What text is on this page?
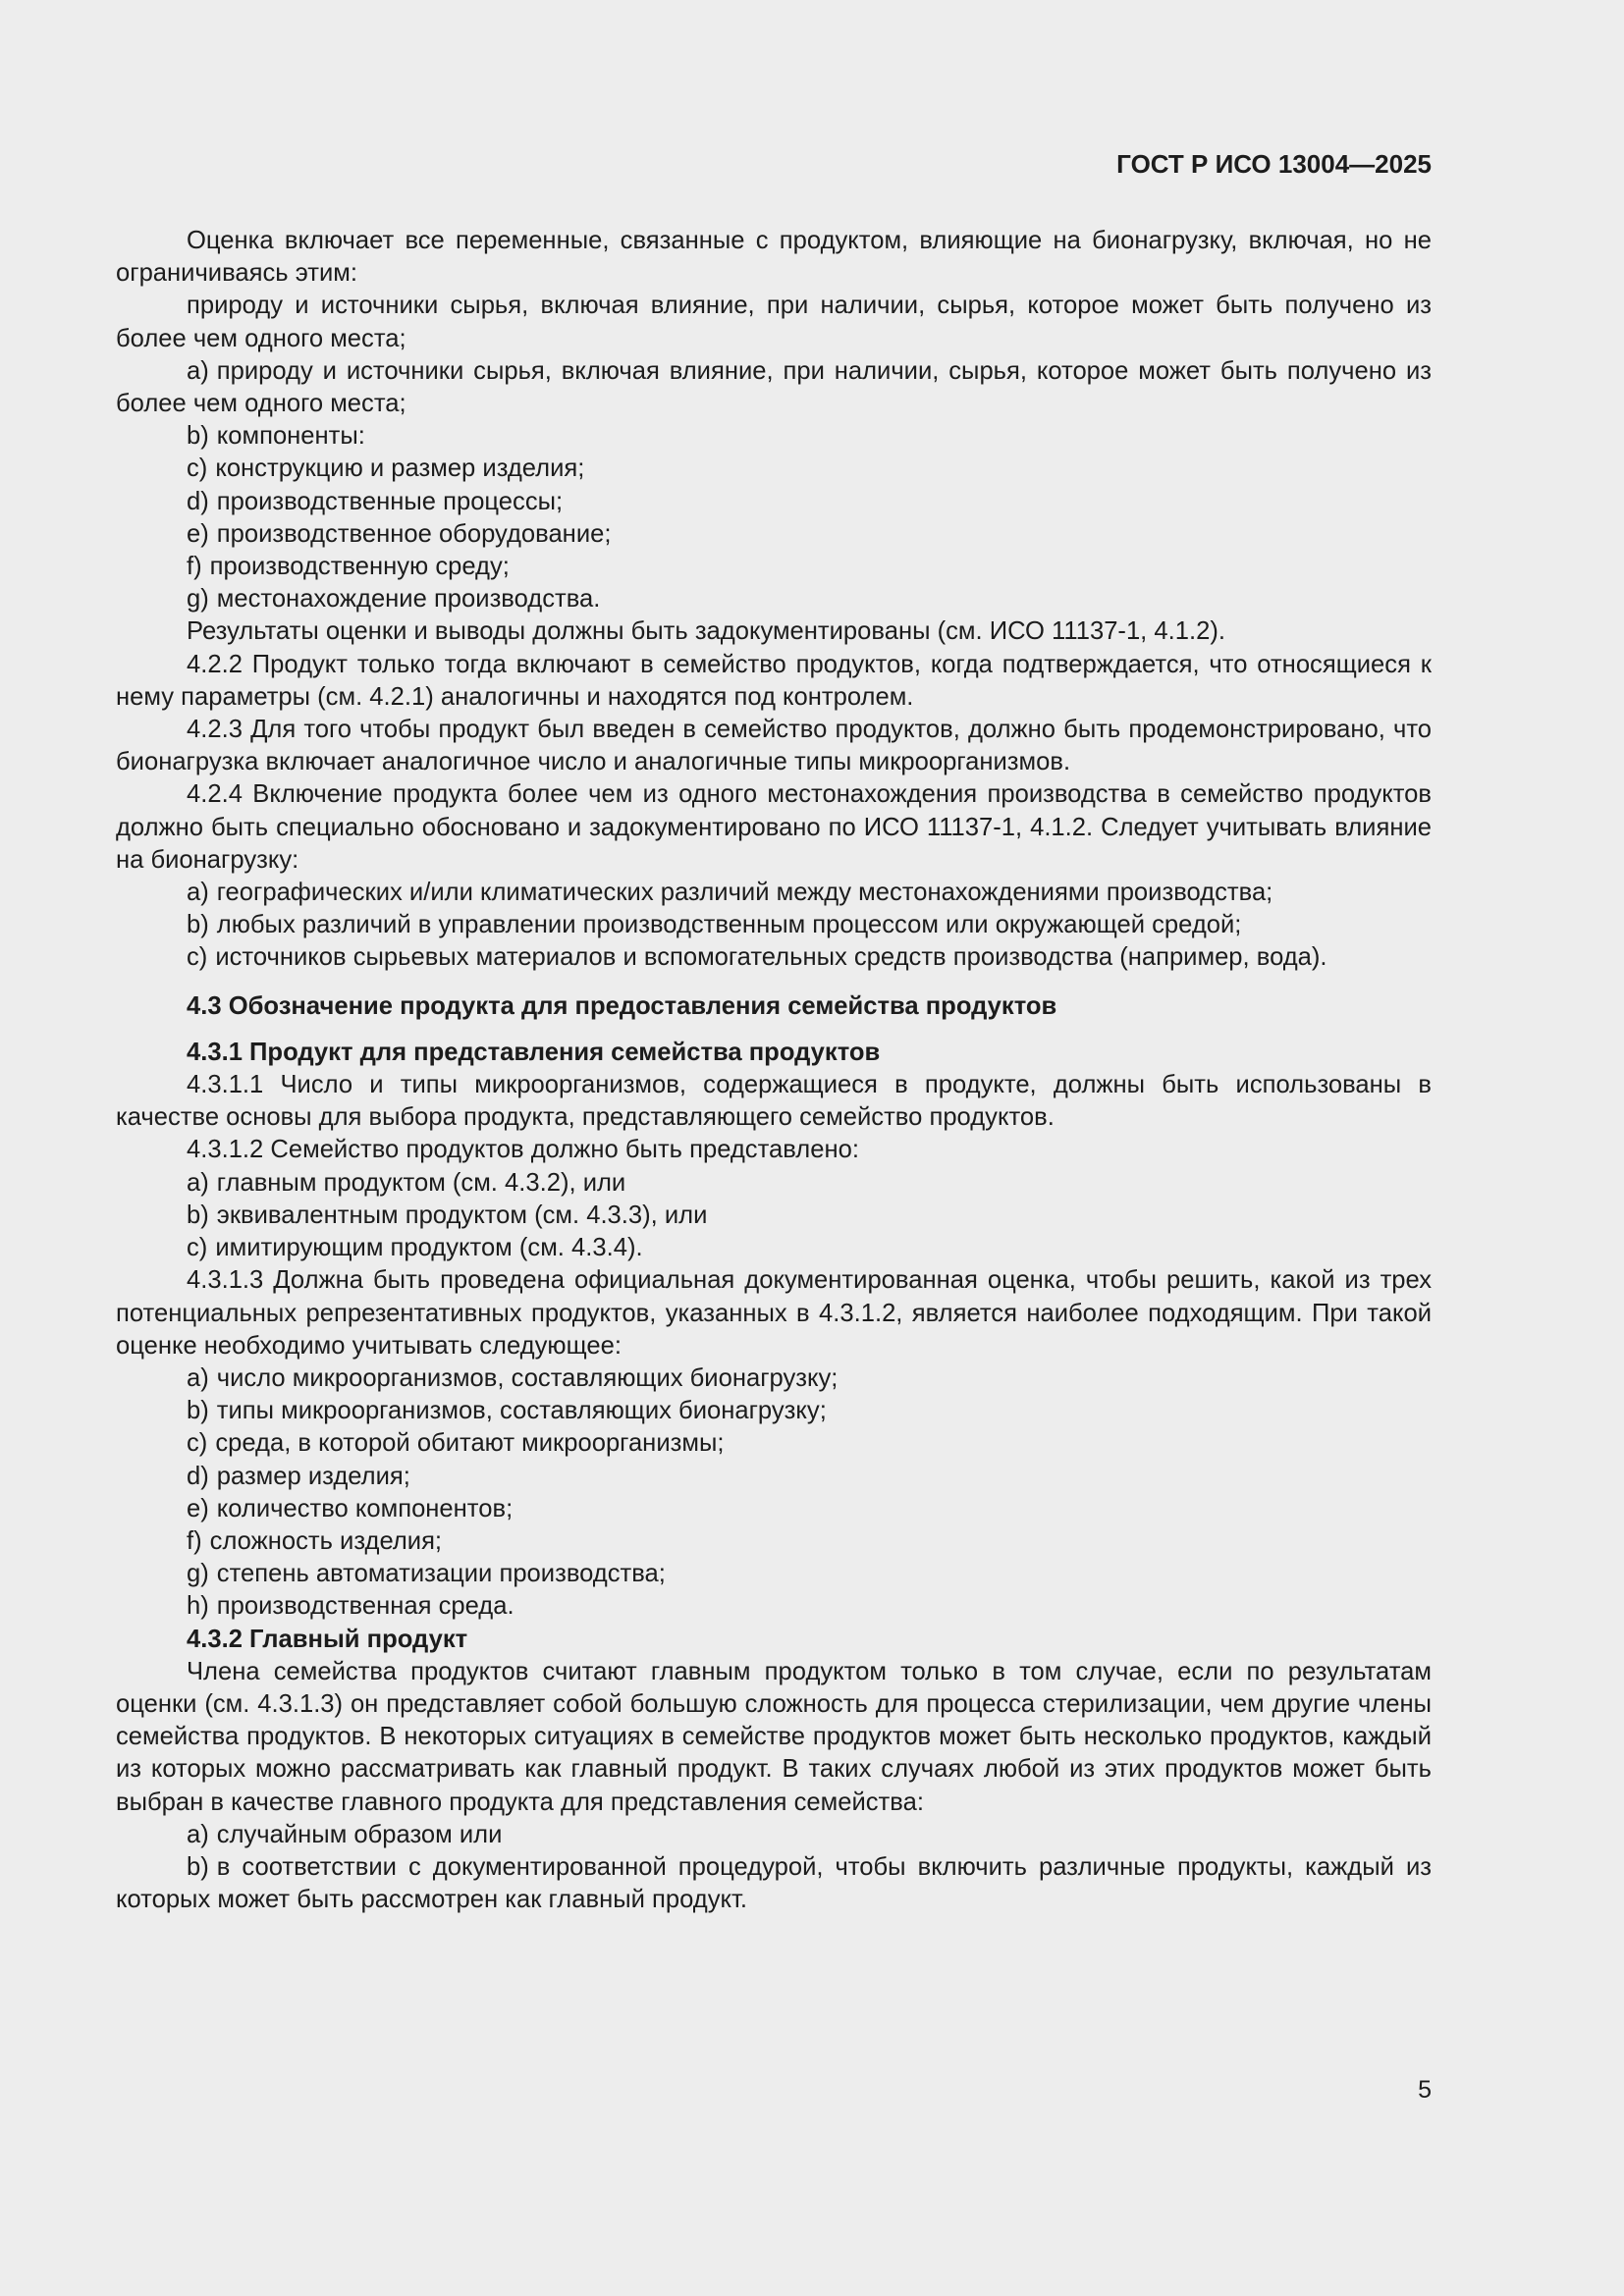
ГОСТ Р ИСО 13004—2025

Оценка включает все переменные, связанные с продуктом, влияющие на бионагрузку, включая, но не ограничиваясь этим:

природу и источники сырья, включая влияние, при наличии, сырья, которое может быть получено из более чем одного места;

a) природу и источники сырья, включая влияние, при наличии, сырья, которое может быть получено из более чем одного места;

b) компоненты:

c) конструкцию и размер изделия;

d) производственные процессы;

e) производственное оборудование;

f) производственную среду;

g) местонахождение производства.

Результаты оценки и выводы должны быть задокументированы (см. ИСО 11137-1, 4.1.2).

4.2.2 Продукт только тогда включают в семейство продуктов, когда подтверждается, что относящиеся к нему параметры (см. 4.2.1) аналогичны и находятся под контролем.

4.2.3 Для того чтобы продукт был введен в семейство продуктов, должно быть продемонстрировано, что бионагрузка включает аналогичное число и аналогичные типы микроорганизмов.

4.2.4 Включение продукта более чем из одного местонахождения производства в семейство продуктов должно быть специально обосновано и задокументировано по ИСО 11137-1, 4.1.2. Следует учитывать влияние на бионагрузку:

a) географических и/или климатических различий между местонахождениями производства;

b) любых различий в управлении производственным процессом или окружающей средой;

c) источников сырьевых материалов и вспомогательных средств производства (например, вода).

4.3 Обозначение продукта для предоставления семейства продуктов

4.3.1 Продукт для представления семейства продуктов

4.3.1.1 Число и типы микроорганизмов, содержащиеся в продукте, должны быть использованы в качестве основы для выбора продукта, представляющего семейство продуктов.

4.3.1.2 Семейство продуктов должно быть представлено:

a) главным продуктом (см. 4.3.2), или

b) эквивалентным продуктом (см. 4.3.3), или

c) имитирующим продуктом (см. 4.3.4).

4.3.1.3 Должна быть проведена официальная документированная оценка, чтобы решить, какой из трех потенциальных репрезентативных продуктов, указанных в 4.3.1.2, является наиболее подходящим. При такой оценке необходимо учитывать следующее:

a) число микроорганизмов, составляющих бионагрузку;

b) типы микроорганизмов, составляющих бионагрузку;

c) среда, в которой обитают микроорганизмы;

d) размер изделия;

e) количество компонентов;

f) сложность изделия;

g) степень автоматизации производства;

h) производственная среда.

4.3.2 Главный продукт

Члена семейства продуктов считают главным продуктом только в том случае, если по результатам оценки (см. 4.3.1.3) он представляет собой большую сложность для процесса стерилизации, чем другие члены семейства продуктов. В некоторых ситуациях в семействе продуктов может быть несколько продуктов, каждый из которых можно рассматривать как главный продукт. В таких случаях любой из этих продуктов может быть выбран в качестве главного продукта для представления семейства:

a) случайным образом или

b) в соответствии с документированной процедурой, чтобы включить различные продукты, каждый из которых может быть рассмотрен как главный продукт.

5
